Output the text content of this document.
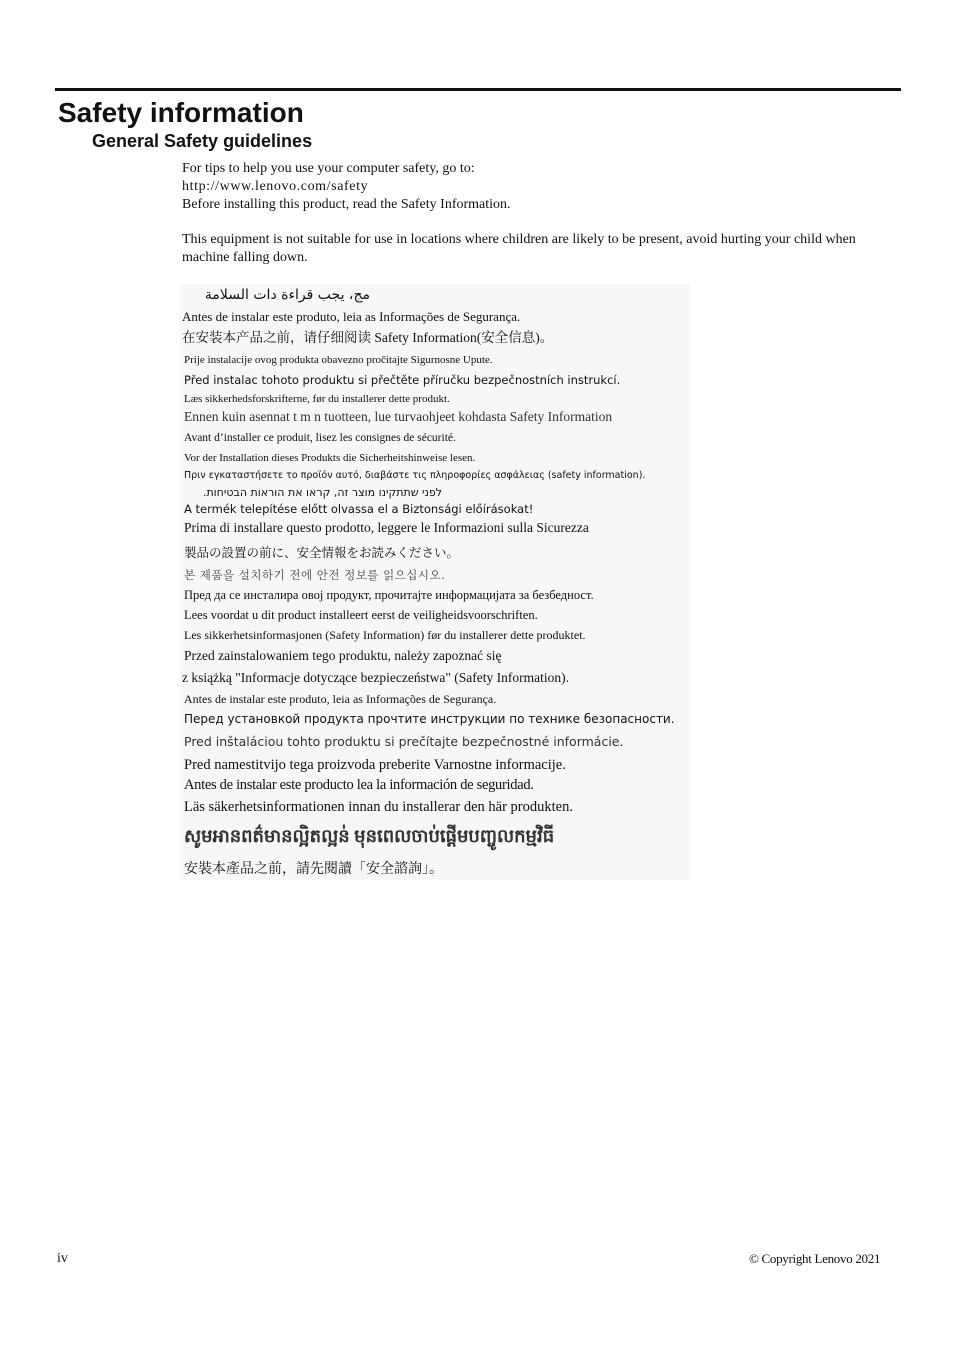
Safety information
General Safety guidelines

For tips to help you use your computer safety, go to:

http://www.lenovo.com/safety

Before installing this product, read the Safety Information.

This equipment is not suitable for use in locations where children are likely to be present, avoid hurting your child when machine falling down.

مج، يجب قراءة دات السلامة
Antes de instalar este produto, leia as Informações de Segurança.
在安装本产品之前，请仔细阅读 Safety Information(安全信息)。
Prije instalacije ovog produkta obavezno pročitajte Sigurnosne Upute.
Před instalac tohoto produktu si přečtěte příručku bezpečnostních instrukcí.
Læs sikkerhedsforskrifterne, før du installerer dette produkt.
Ennen kuin asennat t m n tuotteen, lue turvaohjeet kohdasta Safety Information
Avant d’installer ce produit, lisez les consignes de sécurité.
Vor der Installation dieses Produkts die Sicherheitshinweise lesen.
Πριν εγκαταστήσετε το προϊόν αυτό, διαβάστε τις πληροφορίες ασφάλειας (safety information).
לפני שתתקינו מוצר זה, קראו את הוראות הבטיחות.
A termék telepítése előtt olvassa el a Biztonsági előírásokat!
Prima di installare questo prodotto, leggere le Informazioni sulla Sicurezza
製品の設置の前に、安全情報をお読みください。
본 제품을 설치하기 전에 안전 정보를 읽으십시오.
Пред да се инсталира овој продукт, прочитајте информацијата за безбедност.
Lees voordat u dit product installeert eerst de veiligheidsvoorschriften.
Les sikkerhetsinformasjonen (Safety Information) før du installerer dette produktet.
Przed zainstalowaniem tego produktu, należy zapoznać się
z książką "Informacje dotyczące bezpieczeństwa" (Safety Information).
Antes de instalar este produto, leia as Informações de Segurança.
Перед установкой продукта прочтите инструкции по технике безопасности.
Pred inštaláciou tohto produktu si prečítajte bezpečnostné informácie.
Pred namestitvijo tega proizvoda preberite Varnostne informacije.
Antes de instalar este producto lea la información de seguridad.
Läs säkerhetsinformationen innan du installerar den här produkten.
សូមអានពត៌មានល្អិតល្អន់ មុនពេលចាប់ផ្តើមបញ្ចូលកម្មវិធី
安裝本產品之前，請先閱讀「安全諮詢」。
iv	© Copyright Lenovo 2021
